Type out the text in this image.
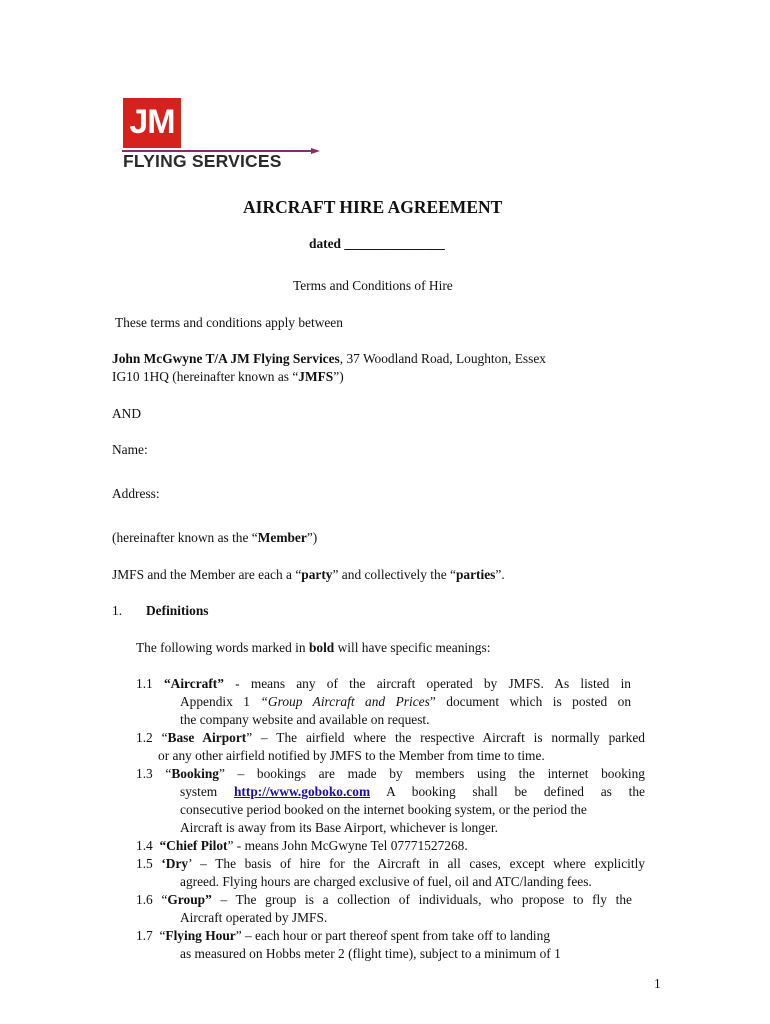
JM
FLYING SERVICES
AIRCRAFT HIRE AGREEMENT
dated _______________
Terms and Conditions of Hire
These terms and conditions apply between
John McGwyne T/A JM Flying Services, 37 Woodland Road, Loughton, Essex
IG10 1HQ (hereinafter known as “JMFS”)
AND
Name:
Address:
(hereinafter known as the “Member”)
JMFS and the Member are each a “party” and collectively the “parties”.
1. Definitions
The following words marked in bold will have specific meanings:
1.1 “Aircraft” - means any of the aircraft operated by JMFS. As listed in
Appendix 1 “Group Aircraft and Prices” document which is posted on
the company website and available on request.
1.2 “Base Airport” – The airfield where the respective Aircraft is normally parked
or any other airfield notified by JMFS to the Member from time to time.
1.3 “Booking” – bookings are made by members using the internet booking
system http://www.goboko.com A booking shall be defined as the
consecutive period booked on the internet booking system, or the period the
Aircraft is away from its Base Airport, whichever is longer.
1.4 “Chief Pilot” - means John McGwyne Tel 07771527268.
1.5 ‘Dry’ – The basis of hire for the Aircraft in all cases, except where explicitly
agreed. Flying hours are charged exclusive of fuel, oil and ATC/landing fees.
1.6 “Group” – The group is a collection of individuals, who propose to fly the
Aircraft operated by JMFS.
1.7 “Flying Hour” – each hour or part thereof spent from take off to landing
as measured on Hobbs meter 2 (flight time), subject to a minimum of 1
1
